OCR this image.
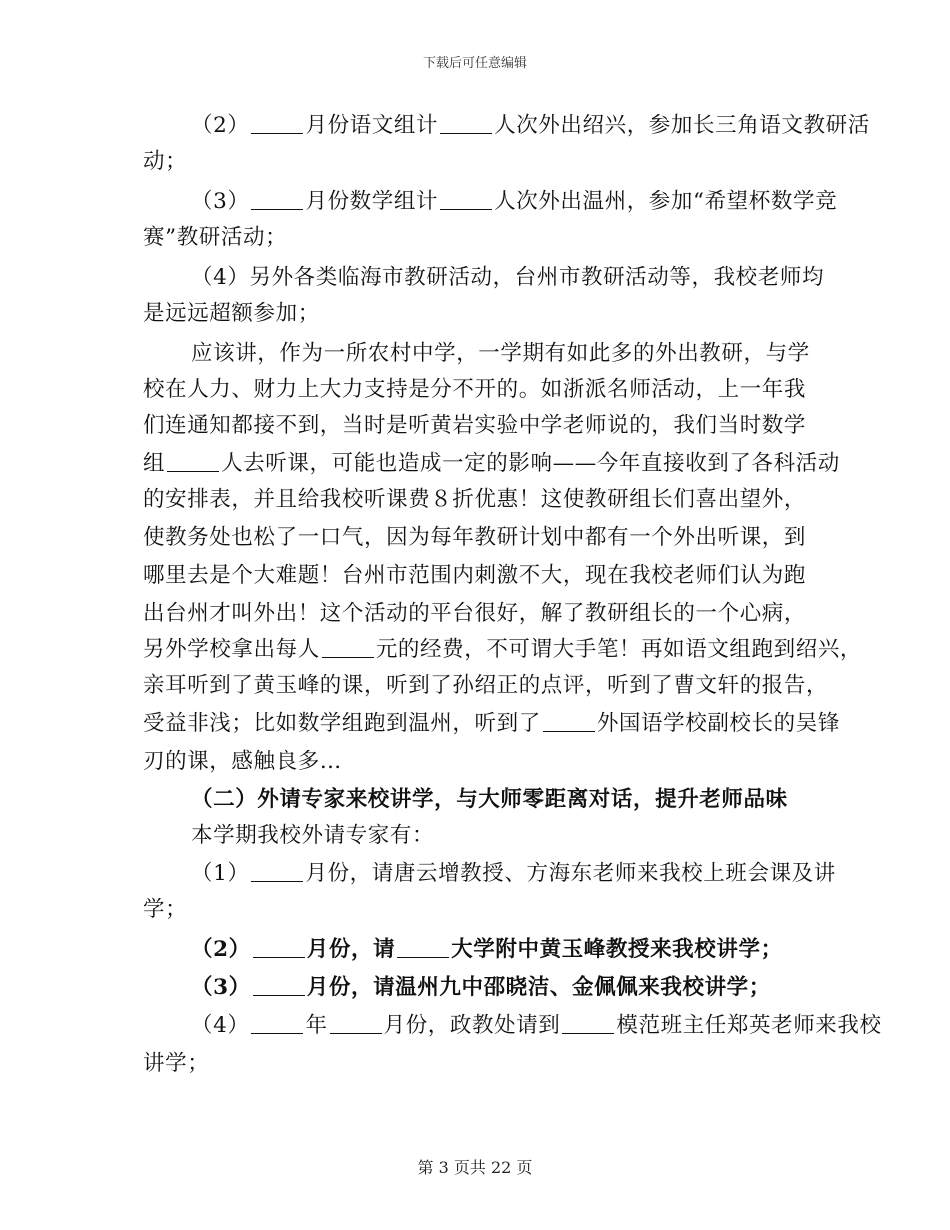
下载后可任意编辑
（2）	月份语文组计	人次外出绍兴，参加长三角语文教研活
动；
（3）	月份数学组计	人次外出温州，参加“希望杯数学竞
赛”教研活动；
（4）另外各类临海市教研活动，台州市教研活动等，我校老师均
是远远超额参加；
应该讲，作为一所农村中学，一学期有如此多的外出教研，与学
校在人力、财力上大力支持是分不开的。如浙派名师活动，上一年我
们连通知都接不到，当时是听黄岩实验中学老师说的，我们当时数学
组	人去听课，可能也造成一定的影响——今年直接收到了各科活动
的安排表，并且给我校听课费８折优惠！这使教研组长们喜出望外，
使教务处也松了一口气，因为每年教研计划中都有一个外出听课，到
哪里去是个大难题！台州市范围内刺激不大，现在我校老师们认为跑
出台州才叫外出！这个活动的平台很好，解了教研组长的一个心病，
另外学校拿出每人	元的经费，不可谓大手笔！再如语文组跑到绍兴，
亲耳听到了黄玉峰的课，听到了孙绍正的点评，听到了曹文轩的报告，
受益非浅；比如数学组跑到温州，听到了	外国语学校副校长的吴锋
刃的课，感触良多…
（二）外请专家来校讲学，与大师零距离对话，提升老师品味
本学期我校外请专家有：
（1）	月份，请唐云增教授、方海东老师来我校上班会课及讲
学；
（2）	月份，请	大学附中黄玉峰教授来我校讲学；
（3）	月份，请温州九中邵晓洁、金佩佩来我校讲学；
（4）	年	月份，政教处请到	模范班主任郑英老师来我校
讲学；
第 3 页共 22 页
